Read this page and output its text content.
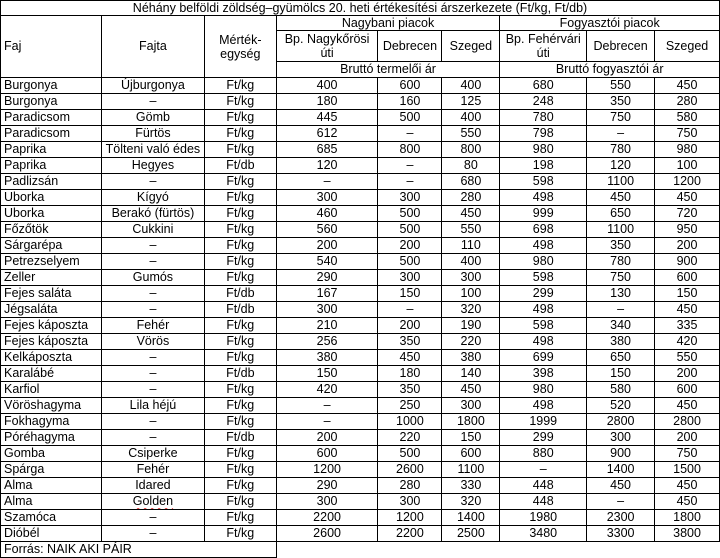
Néhány belföldi zöldség–gyümölcs 20. heti értékesítési árszerkezete (Ft/kg, Ft/db)								
Faj	Fajta	Mérték-egység	Nagybani piacok			Fogyasztói piacok		
			Bp. Nagykőrösi úti	Debrecen	Szeged	Bp. Fehérvári úti	Debrecen	Szeged
			Bruttó termelői ár			Bruttó fogyasztói ár		
Burgonya	Újburgonya	Ft/kg	400	600	400	680	550	450
Burgonya	–	Ft/kg	180	160	125	248	350	280
Paradicsom	Gömb	Ft/kg	445	500	400	780	750	580
Paradicsom	Fürtös	Ft/kg	612	–	550	798	–	750
Paprika	Tölteni való édes	Ft/kg	685	800	800	980	780	980
Paprika	Hegyes	Ft/db	120	–	80	198	120	100
Padlizsán	–	Ft/kg	–	–	680	598	1100	1200
Uborka	Kígyó	Ft/kg	300	300	280	498	450	450
Uborka	Berakó (fürtös)	Ft/kg	460	500	450	999	650	720
Főzőtök	Cukkini	Ft/kg	560	500	550	698	1100	950
Sárgarépa	–	Ft/kg	200	200	110	498	350	200
Petrezselyem	–	Ft/kg	540	500	400	980	780	900
Zeller	Gumós	Ft/kg	290	300	300	598	750	600
Fejes saláta	–	Ft/db	167	150	100	299	130	150
Jégsaláta	–	Ft/db	300	–	320	498	–	450
Fejes káposzta	Fehér	Ft/kg	210	200	190	598	340	335
Fejes káposzta	Vörös	Ft/kg	256	350	220	498	380	420
Kelkáposzta	–	Ft/kg	380	450	380	699	650	550
Karalábé	–	Ft/db	150	180	140	398	150	200
Karfiol	–	Ft/kg	420	350	450	980	580	600
Vöröshagyma	Lila héjú	Ft/kg	–	250	300	498	520	450
Fokhagyma	–	Ft/kg	–	1000	1800	1999	2800	2800
Póréhagyma	–	Ft/db	200	220	150	299	300	200
Gomba	Csiperke	Ft/kg	600	500	600	880	900	750
Spárga	Fehér	Ft/kg	1200	2600	1100	–	1400	1500
Alma	Idared	Ft/kg	290	280	330	448	450	450
Alma	Golden	Ft/kg	300	300	320	448	–	450
Szamóca	–	Ft/kg	2200	1200	1400	1980	2300	1800
Dióbél	–	Ft/kg	2600	2200	2500	3480	3300	3800
Forrás: NAIK AKI PÁIR								
